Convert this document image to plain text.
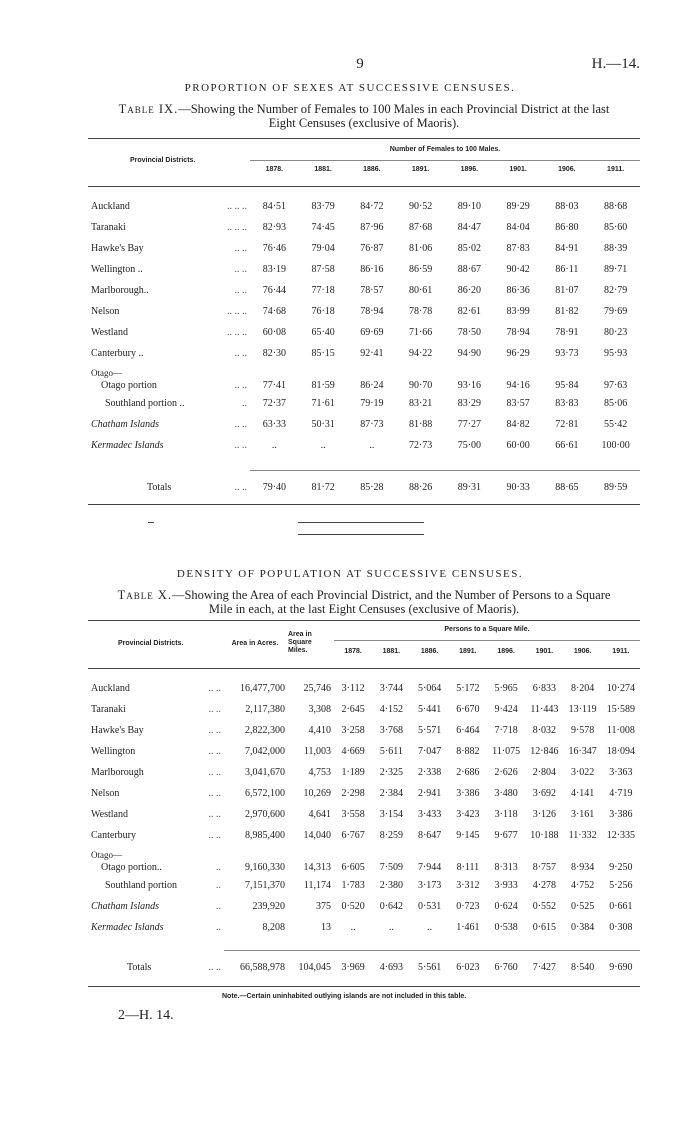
9	H.—14.
PROPORTION OF SEXES AT SUCCESSIVE CENSUSES.
Table IX.—Showing the Number of Females to 100 Males in each Provincial District at the last
Eight Censuses (exclusive of Maoris).
Provincial Districts.
Number of Females to 100 Males.
1878.	1881.	1886.	1891.	1896.	1901.	1906.	1911.
Auckland .. .. ..	84·51	83·79	84·72	90·52	89·10	89·29	88·03	88·68
Taranaki .. .. ..	82·93	74·45	87·96	87·68	84·47	84·04	86·80	85·60
Hawke's Bay .. ..	76·46	79·04	76·87	81·06	85·02	87·83	84·91	88·39
Wellington .. .. ..	83·19	87·58	86·16	86·59	88·67	90·42	86·11	89·71
Marlborough.. .. ..	76·44	77·18	78·57	80·61	86·20	86·36	81·07	82·79
Nelson .. .. ..	74·68	76·18	78·94	78·78	82·61	83·99	81·82	79·69
Westland .. .. ..	60·08	65·40	69·69	71·66	78·50	78·94	78·91	80·23
Canterbury .. .. ..	82·30	85·15	92·41	94·22	94·90	96·29	93·73	95·93
Otago—								
Otago portion .. ..	77·41	81·59	86·24	90·70	93·16	94·16	95·84	97·63
Southland portion .. ..	72·37	71·61	79·19	83·21	83·29	83·57	83·83	85·06
Chatham Islands .. ..	63·33	50·31	87·73	81·88	77·27	84·82	72·81	55·42
Kermadec Islands .. ..	..	..	..	72·73	75·00	60·00	66·61	100·00
Totals	.. ..	79·40	81·72	85·28	88·26	89·31	90·33	88·65	89·59
DENSITY OF POPULATION AT SUCCESSIVE CENSUSES.
Table X.—Showing the Area of each Provincial District, and the Number of Persons to a Square
Mile in each, at the last Eight Censuses (exclusive of Maoris).
Provincial Districts.	Area in Acres.
Area in Square Miles.
Persons to a Square Mile.
1878.	1881.	1886.	1891.	1896.	1901.	1906.	1911.
Auckland .. ..	16,477,700	25,746	3·112	3·744	5·064	5·172	5·965	6·833	8·204	10·274
Taranaki .. ..	2,117,380	3,308	2·645	4·152	5·441	6·670	9·424	11·443	13·119	15·589
Hawke's Bay .. ..	2,822,300	4,410	3·258	3·768	5·571	6·464	7·718	8·032	9·578	11·008
Wellington .. ..	7,042,000	11,003	4·669	5·611	7·047	8·882	11·075	12·846	16·347	18·094
Marlborough .. ..	3,041,670	4,753	1·189	2·325	2·338	2·686	2·626	2·804	3·022	3·363
Nelson .. ..	6,572,100	10,269	2·298	2·384	2·941	3·386	3·480	3·692	4·141	4·719
Westland .. ..	2,970,600	4,641	3·558	3·154	3·433	3·423	3·118	3·126	3·161	3·386
Canterbury .. ..	8,985,400	14,040	6·767	8·259	8·647	9·145	9·677	10·188	11·332	12·335
Otago—										
Otago portion.. ..	9,160,330	14,313	6·605	7·509	7·944	8·111	8·313	8·757	8·934	9·250
Southland portion ..	7,151,370	11,174	1·783	2·380	3·173	3·312	3·933	4·278	4·752	5·256
Chatham Islands ..	239,920	375	0·520	0·642	0·531	0·723	0·624	0·552	0·525	0·661
Kermadec Islands ..	8,208	13	..	..	..	1·461	0·538	0·615	0·384	0·308
Totals	.. ..	66,588,978	104,045	3·969	4·693	5·561	6·023	6·760	7·427	8·540	9·690
Note.—Certain uninhabited outlying islands are not included in this table.
2—H. 14.
